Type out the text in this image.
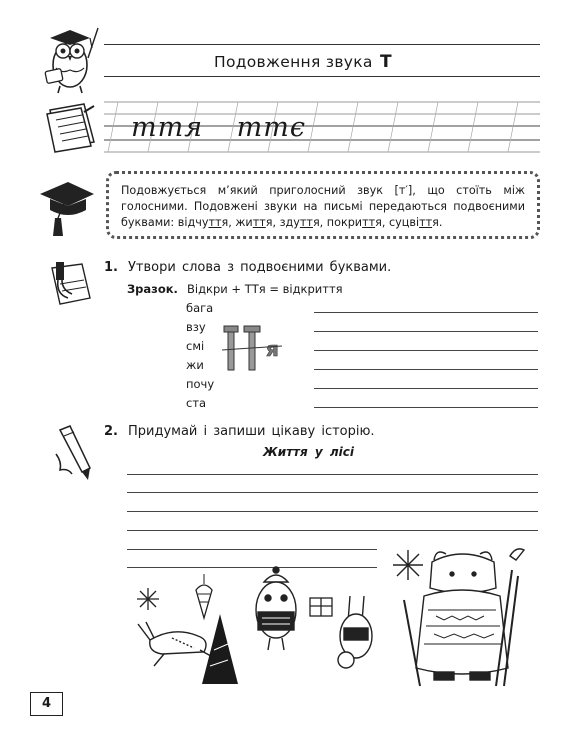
Подовження звука Т
ття ттє
Подовжується м’який приголосний звук [т′], що стоїть між голосними. Подовжені звуки на письмі передаються подвоєними буквами: відчуття, життя, здуття, покриття, суцвіття.
1. Утвори слова з подвоєними буквами.
Зразок. Відкри + ТТя = відкриття
бага
взу
смі
жи
почу
ста
я
2. Придумай і запиши цікаву історію.
Життя у лісі
4
